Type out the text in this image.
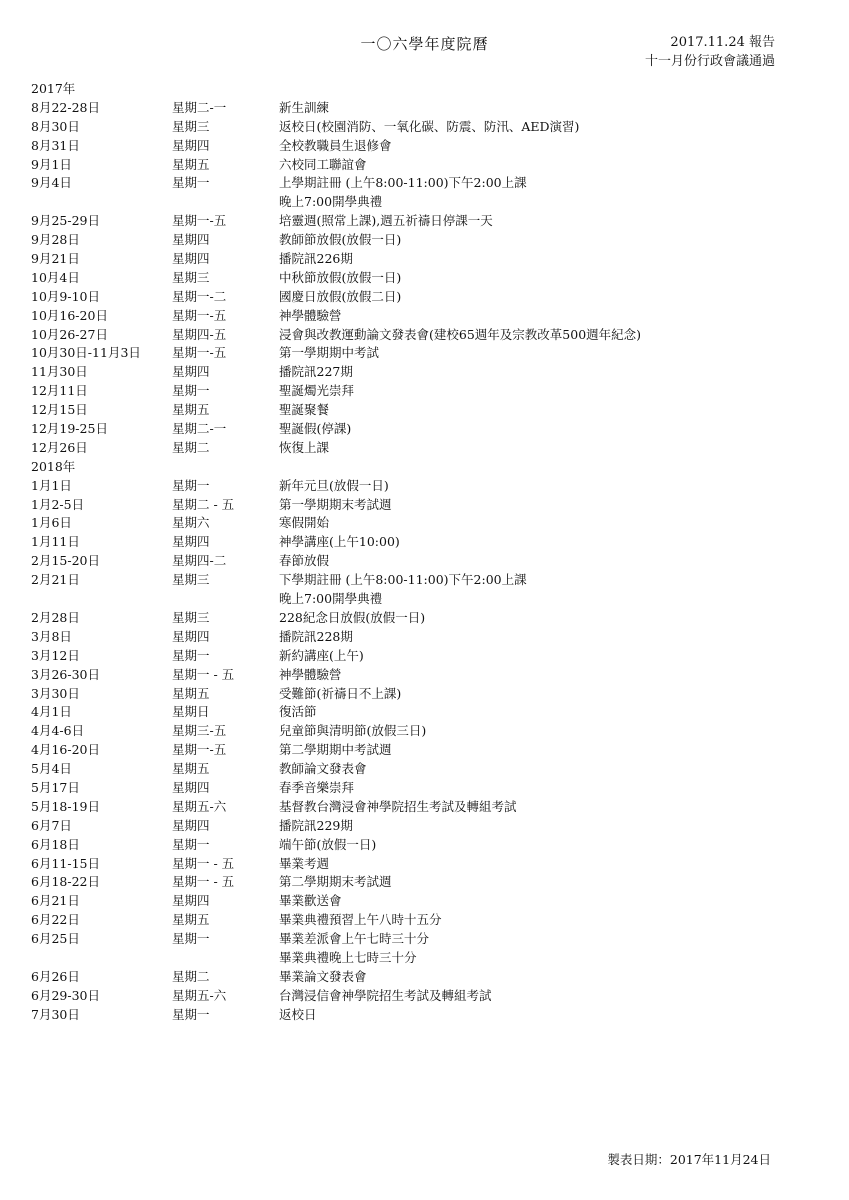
一〇六學年度院曆	2017.11.24 報告
十一月份行政會議通過
2017年
8月22-28日	星期二-一	新生訓練
8月30日	星期三	返校日(校園消防、一氧化碳、防震、防汛、AED演習)
8月31日	星期四	全校教職員生退修會
9月1日	星期五	六校同工聯誼會
9月4日	星期一	上學期註冊 (上午8:00-11:00)下午2:00上課
晚上7:00開學典禮
9月25-29日	星期一-五	培靈週(照常上課),週五祈禱日停課一天
9月28日	星期四	教師節放假(放假一日)
9月21日	星期四	播院訊226期
10月4日	星期三	中秋節放假(放假一日)
10月9-10日	星期一-二	國慶日放假(放假二日)
10月16-20日	星期一-五	神學體驗營
10月26-27日	星期四-五	浸會與改教運動論文發表會(建校65週年及宗教改革500週年紀念)
10月30日-11月3日 星期一-五	第一學期期中考試
11月30日	星期四	播院訊227期
12月11日	星期一	聖誕燭光崇拜
12月15日	星期五	聖誕聚餐
12月19-25日	星期二-一	聖誕假(停課)
12月26日	星期二	恢復上課
2018年
1月1日	星期一	新年元旦(放假一日)
1月2-5日	星期二 - 五	第一學期期末考試週
1月6日	星期六	寒假開始
1月11日	星期四	神學講座(上午10:00)
2月15-20日	星期四-二	春節放假
2月21日	星期三	下學期註冊 (上午8:00-11:00)下午2:00上課
晚上7:00開學典禮
2月28日	星期三	228紀念日放假(放假一日)
3月8日	星期四	播院訊228期
3月12日	星期一	新約講座(上午)
3月26-30日	星期一 - 五	神學體驗營
3月30日	星期五	受難節(祈禱日不上課)
4月1日	星期日	復活節
4月4-6日	星期三-五	兒童節與清明節(放假三日)
4月16-20日	星期一-五	第二學期期中考試週
5月4日	星期五	教師論文發表會
5月17日	星期四	春季音樂崇拜
5月18-19日	星期五-六	基督教台灣浸會神學院招生考試及轉組考試
6月7日	星期四	播院訊229期
6月18日	星期一	端午節(放假一日)
6月11-15日	星期一 - 五	畢業考週
6月18-22日	星期一 - 五	第二學期期末考試週
6月21日	星期四	畢業歡送會
6月22日	星期五	畢業典禮預習上午八時十五分
6月25日	星期一	畢業差派會上午七時三十分
畢業典禮晚上七時三十分
6月26日	星期二	畢業論文發表會
6月29-30日	星期五-六	台灣浸信會神學院招生考試及轉組考試
7月30日	星期一	返校日
製表日期：2017年11月24日
